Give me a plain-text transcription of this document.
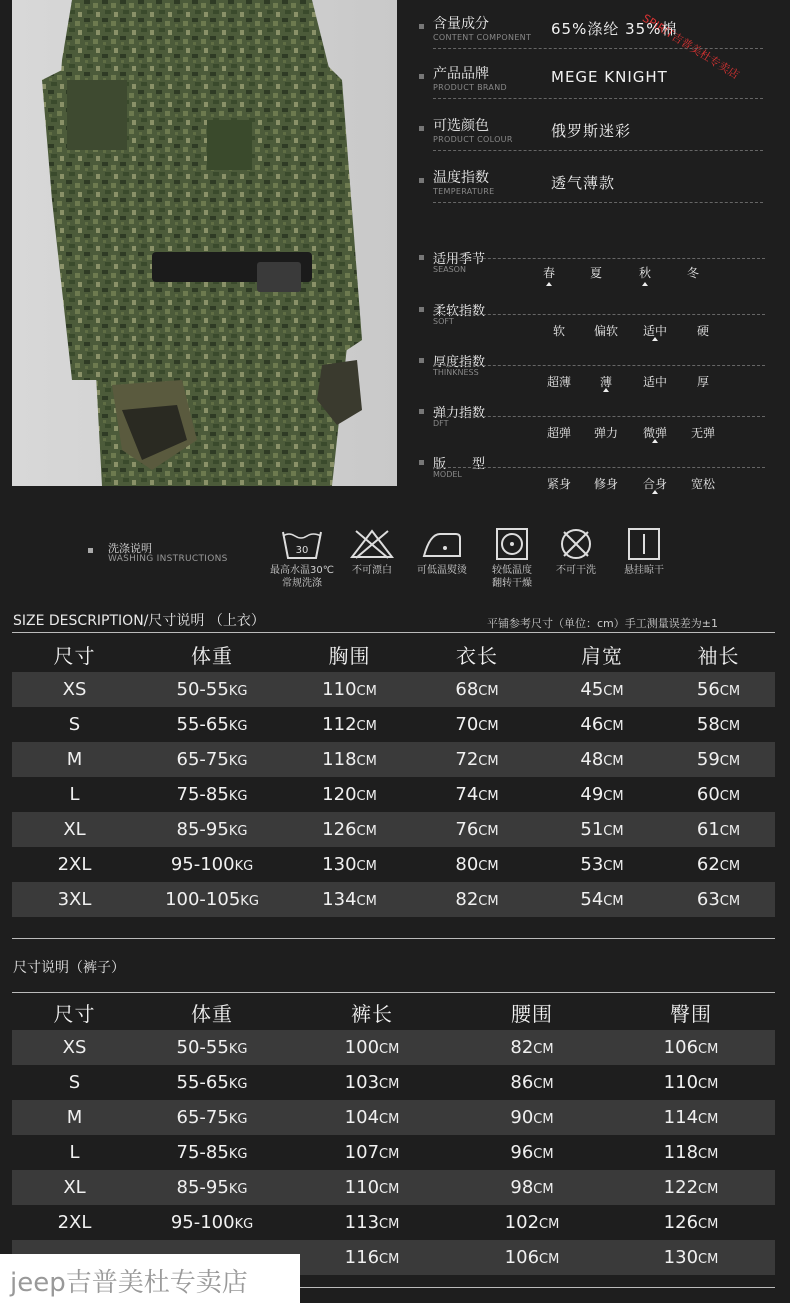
SPIRIT吉普美杜专卖店
含量成分
CONTENT COMPONENT 65%涤纶 35%棉
产品品牌
PRODUCT BRAND
MEGE KNIGHT
可选颜色
PRODUCT COLOUR	俄罗斯迷彩
温度指数
TEMPERATURE	透气薄款
适用季节
SEASON	春	夏	秋	冬
柔软指数
SOFT
软 偏软 适中 硬
厚度指数
THINKNESS
超薄 薄	适中 厚
弹力指数
DFT
超弹 弹力 微弹 无弹
版　　型
MODEL
紧身 修身 合身 宽松
洗涤说明
WASHING INSTRUCTIONS
30
最高水温30℃
常规洗涤
不可漂白	可低温熨烫	较低温度
翻转干燥
不可干洗	悬挂晾干
SIZE DESCRIPTION/尺寸说明 （上衣）	平铺参考尺寸（单位：cm）手工测量误差为±1
尺寸	体重	胸围	衣长	肩宽	袖长
XS	50-55KG	110CM	68CM	45CM	56CM
S	55-65KG	112CM	70CM	46CM	58CM
M	65-75KG	118CM	72CM	48CM	59CM
L	75-85KG	120CM	74CM	49CM	60CM
XL	85-95KG	126CM	76CM	51CM	61CM
2XL	95-100KG	130CM	80CM	53CM	62CM
3XL	100-105KG	134CM	82CM	54CM	63CM
尺寸说明（裤子）
尺寸	体重	裤长	腰围	臀围
XS	50-55KG	100CM	82CM	106CM
S	55-65KG	103CM	86CM	110CM
M	65-75KG	104CM	90CM	114CM
L	75-85KG	107CM	96CM	118CM
XL	85-95KG	110CM	98CM	122CM
2XL	95-100KG	113CM	102CM	126CM
		116CM	106CM	130CM
jeep吉普美杜专卖店
